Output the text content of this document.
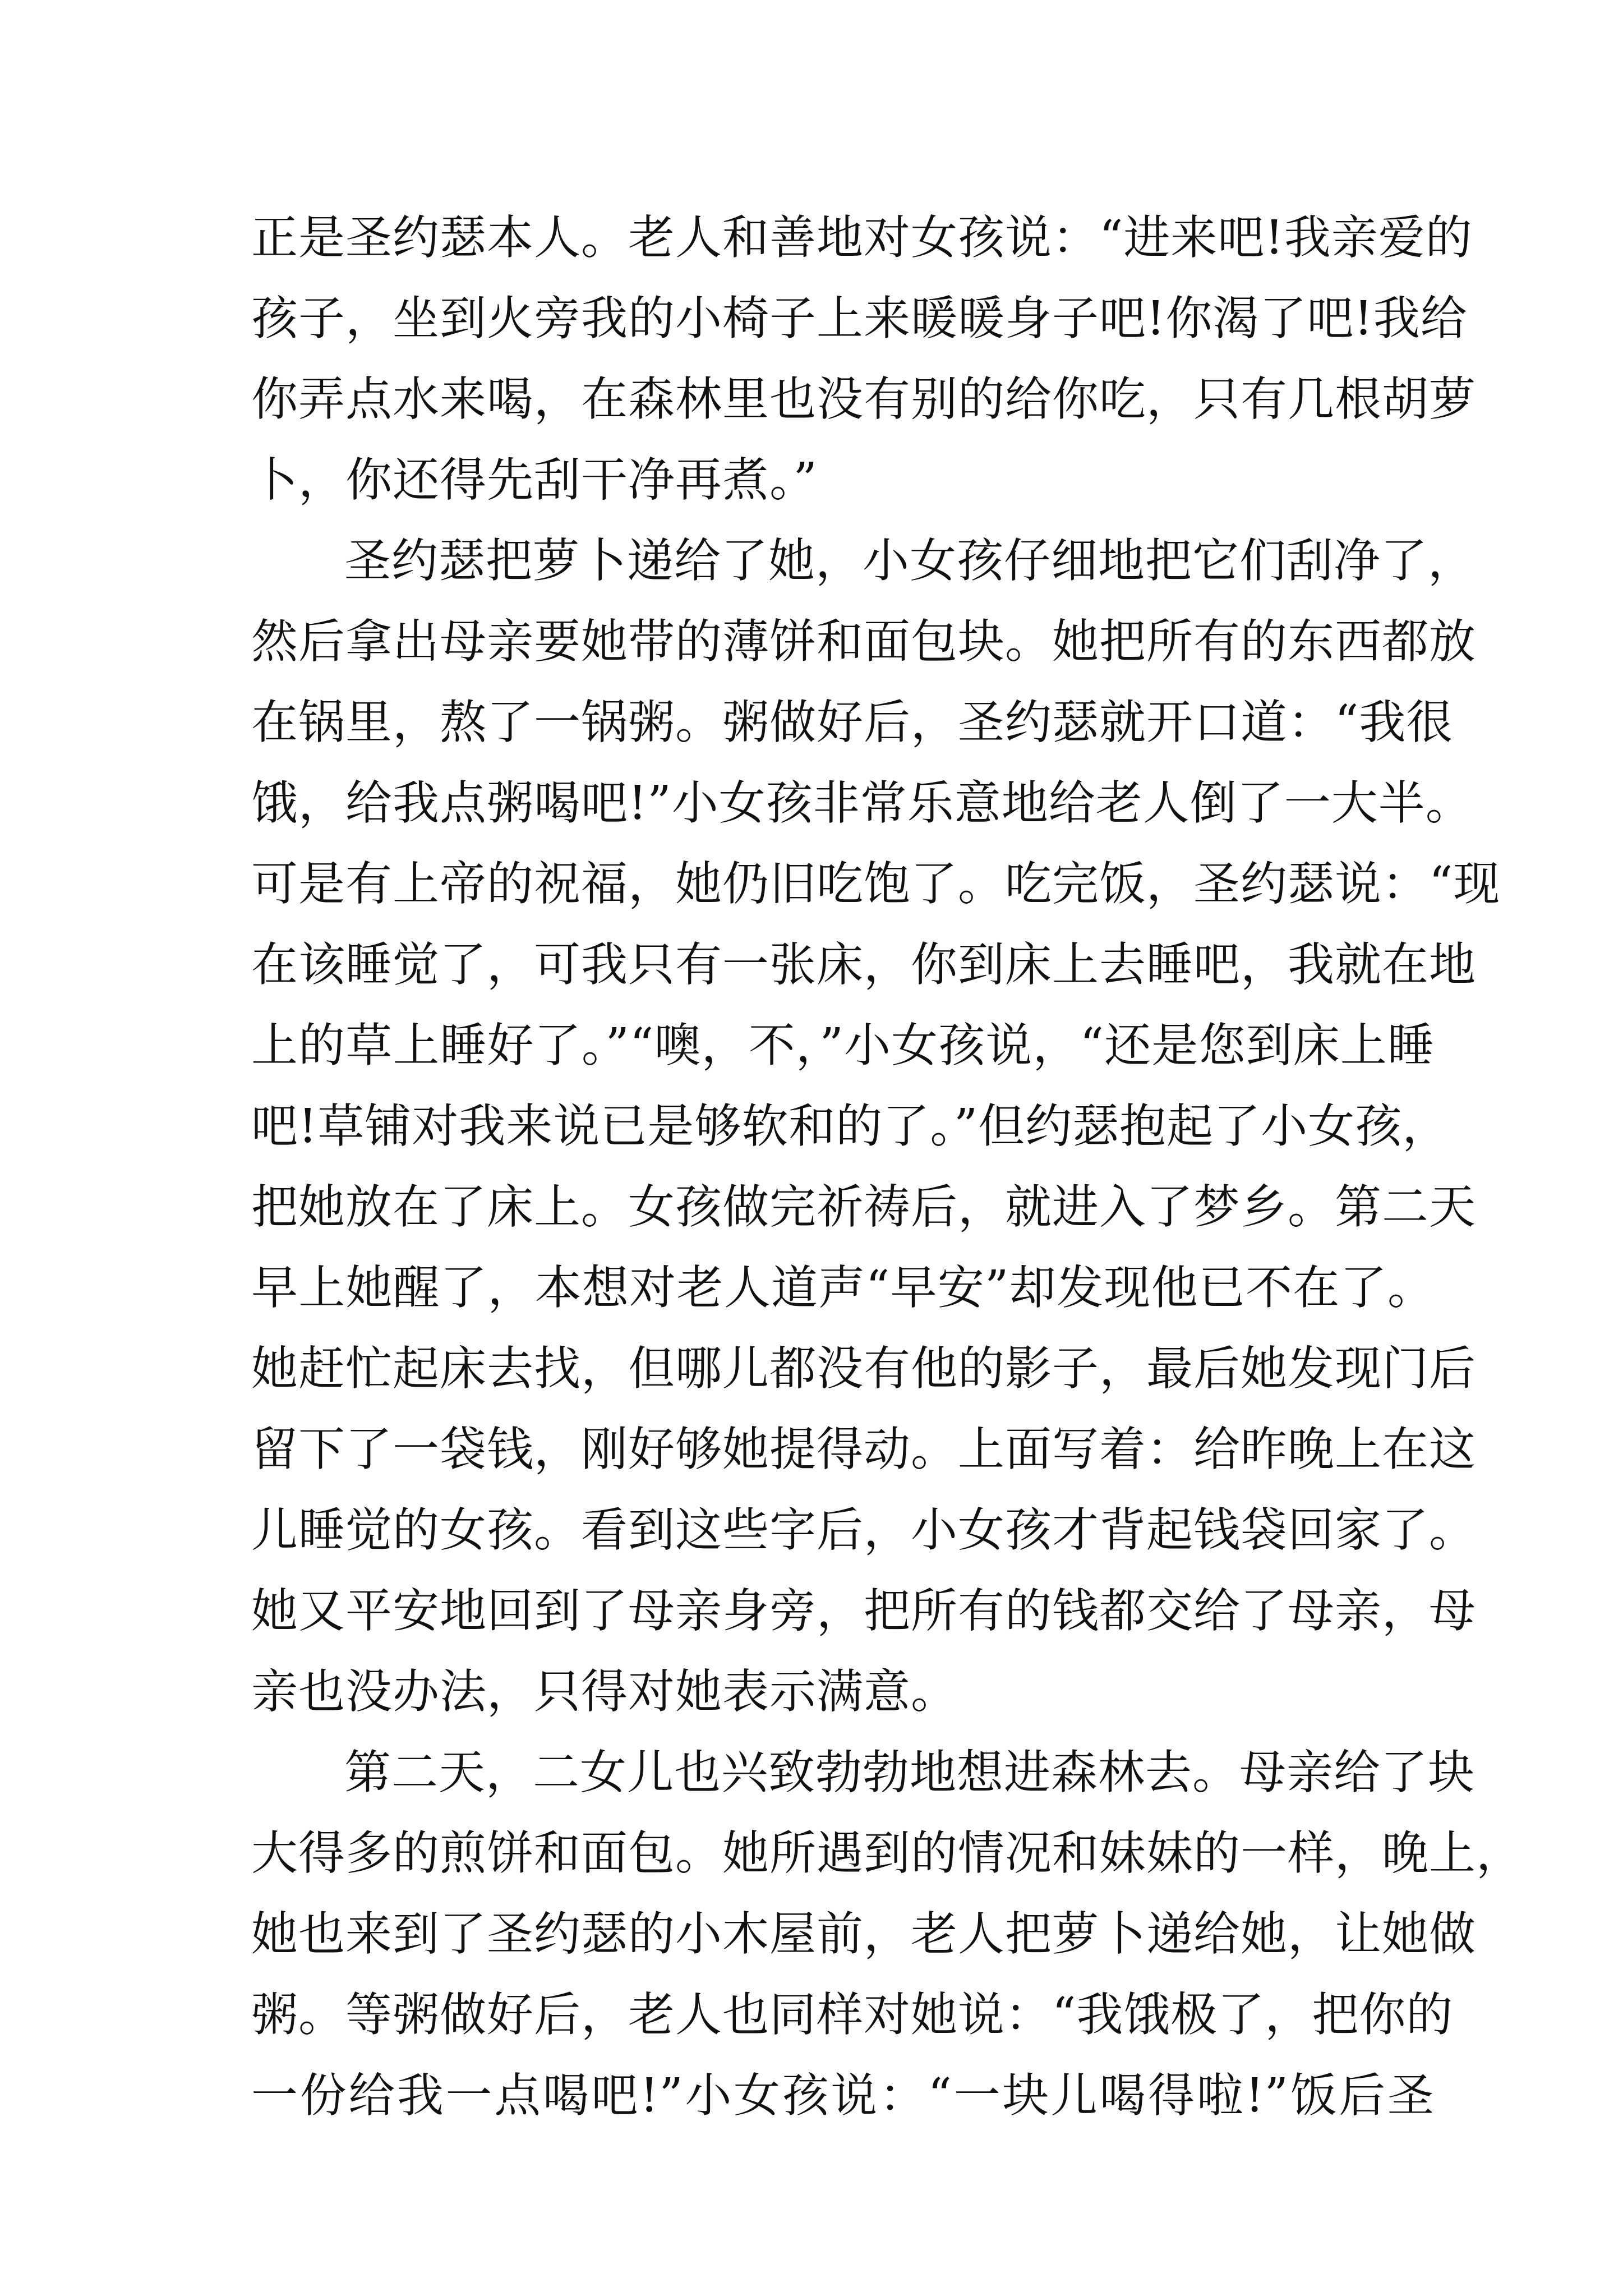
正是圣约瑟本人。老人和善地对女孩说：“进来吧!我亲爱的
孩子，坐到火旁我的小椅子上来暖暖身子吧!你渴了吧!我给
你弄点水来喝，在森林里也没有别的给你吃，只有几根胡萝
卜，你还得先刮干净再煮。”
圣约瑟把萝卜递给了她，小女孩仔细地把它们刮净了，
然后拿出母亲要她带的薄饼和面包块。她把所有的东西都放
在锅里，熬了一锅粥。粥做好后，圣约瑟就开口道：“我很
饿，给我点粥喝吧!”小女孩非常乐意地给老人倒了一大半。
可是有上帝的祝福，她仍旧吃饱了。吃完饭，圣约瑟说：“现
在该睡觉了，可我只有一张床，你到床上去睡吧，我就在地
上的草上睡好了。”“噢，不，”小女孩说，“还是您到床上睡
吧!草铺对我来说已是够软和的了。”但约瑟抱起了小女孩，
把她放在了床上。女孩做完祈祷后，就进入了梦乡。第二天
早上她醒了，本想对老人道声“早安”却发现他已不在了。
她赶忙起床去找，但哪儿都没有他的影子，最后她发现门后
留下了一袋钱，刚好够她提得动。上面写着：给昨晚上在这
儿睡觉的女孩。看到这些字后，小女孩才背起钱袋回家了。
她又平安地回到了母亲身旁，把所有的钱都交给了母亲，母
亲也没办法，只得对她表示满意。
第二天，二女儿也兴致勃勃地想进森林去。母亲给了块
大得多的煎饼和面包。她所遇到的情况和妹妹的一样，晚上，
她也来到了圣约瑟的小木屋前，老人把萝卜递给她，让她做
粥。等粥做好后，老人也同样对她说：“我饿极了，把你的
一份给我一点喝吧!”小女孩说：“一块儿喝得啦!”饭后圣
